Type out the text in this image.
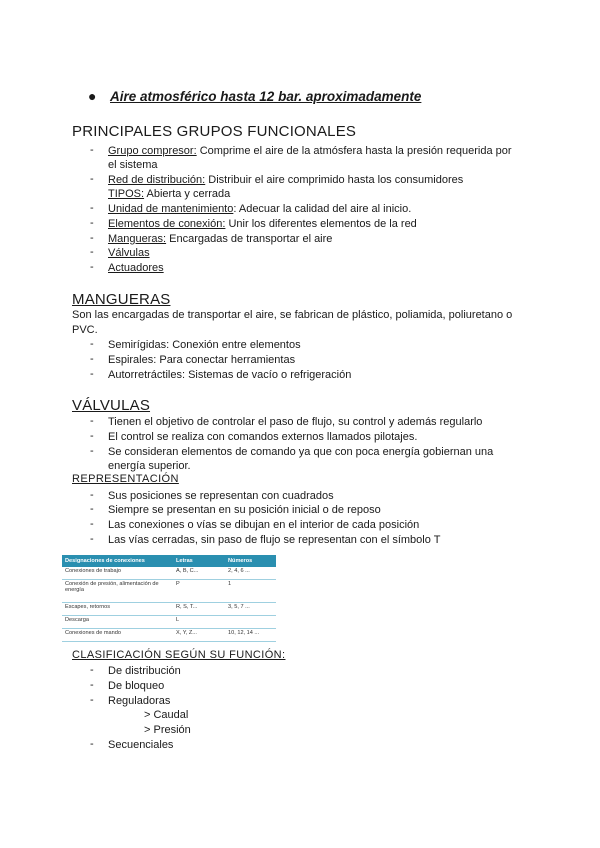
● Aire atmosférico hasta 12 bar. aproximadamente
PRINCIPALES GRUPOS FUNCIONALES
- Grupo compresor: Comprime el aire de la atmósfera hasta la presión requerida por
el sistema
- Red de distribución: Distribuir el aire comprimido hasta los consumidores
TIPOS: Abierta y cerrada
- Unidad de mantenimiento: Adecuar la calidad del aire al inicio.
- Elementos de conexión: Unir los diferentes elementos de la red
- Mangueras: Encargadas de transportar el aire
- Válvulas
- Actuadores
MANGUERAS
Son las encargadas de transportar el aire, se fabrican de plástico, poliamida, poliuretano o
PVC.
- Semirígidas: Conexión entre elementos
- Espirales: Para conectar herramientas
- Autorretráctiles: Sistemas de vacío o refrigeración
VÁLVULAS
- Tienen el objetivo de controlar el paso de flujo, su control y además regularlo
- El control se realiza con comandos externos llamados pilotajes.
- Se consideran elementos de comando ya que con poca energía gobiernan una
energía superior.
REPRESENTACIÓN
- Sus posiciones se representan con cuadrados
- Siempre se presentan en su posición inicial o de reposo
- Las conexiones o vías se dibujan en el interior de cada posición
- Las vías cerradas, sin paso de flujo se representan con el símbolo T
Designaciones de conexiones	Letras	Números
Conexiones de trabajo	A, B, C...	2, 4, 6 ...
Conexión de presión, alimentación de energía	P	1
Escapes, retornos	R, S, T...	3, 5, 7 ...
Descarga	L	
Conexiones de mando	X, Y, Z...	10, 12, 14 ...
CLASIFICACIÓN SEGÚN SU FUNCIÓN:
- De distribución
- De bloqueo
- Reguladoras
> Caudal
> Presión
- Secuenciales
